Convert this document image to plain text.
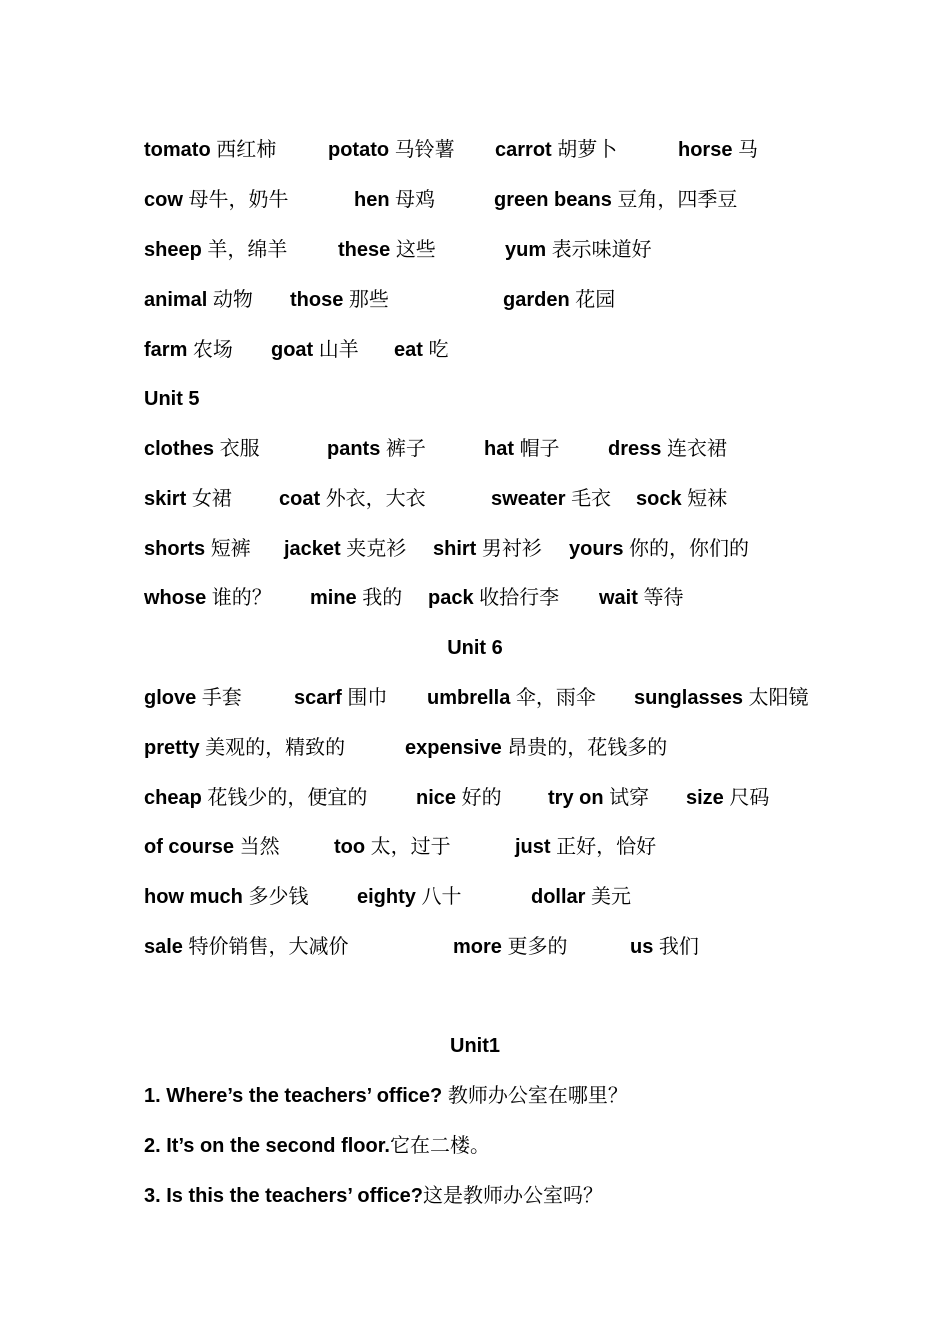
tomato 西红柿	potato 马铃薯 carrot 胡萝卜	horse 马
cow 母牛，奶牛	hen 母鸡	green beans 豆角，四季豆
sheep 羊，绵羊	these 这些	yum 表示味道好
animal 动物 those 那些	garden 花园
farm 农场 goat 山羊 eat 吃
Unit 5
clothes 衣服	pants 裤子	hat 帽子 dress 连衣裙
skirt 女裙 coat 外衣，大衣	sweater 毛衣 sock 短袜
shorts 短裤 jacket 夹克衫 shirt 男衬衫 yours 你的，你们的
whose 谁的？ mine 我的 pack 收拾行李 wait 等待
Unit 6
glove 手套	scarf 围巾 umbrella 伞，雨伞 sunglasses 太阳镜
pretty 美观的，精致的	expensive 昂贵的，花钱多的
cheap 花钱少的，便宜的 nice 好的 try on 试穿 size 尺码
of course 当然	too 太，过于	just 正好，恰好
how much 多少钱 eighty 八十	dollar 美元
sale 特价销售，大减价	more 更多的	us 我们
Unit1
1. Where’s the teachers’ office? 教师办公室在哪里？
2. It’s on the second floor.它在二楼。
3. Is this the teachers’ office?这是教师办公室吗？
